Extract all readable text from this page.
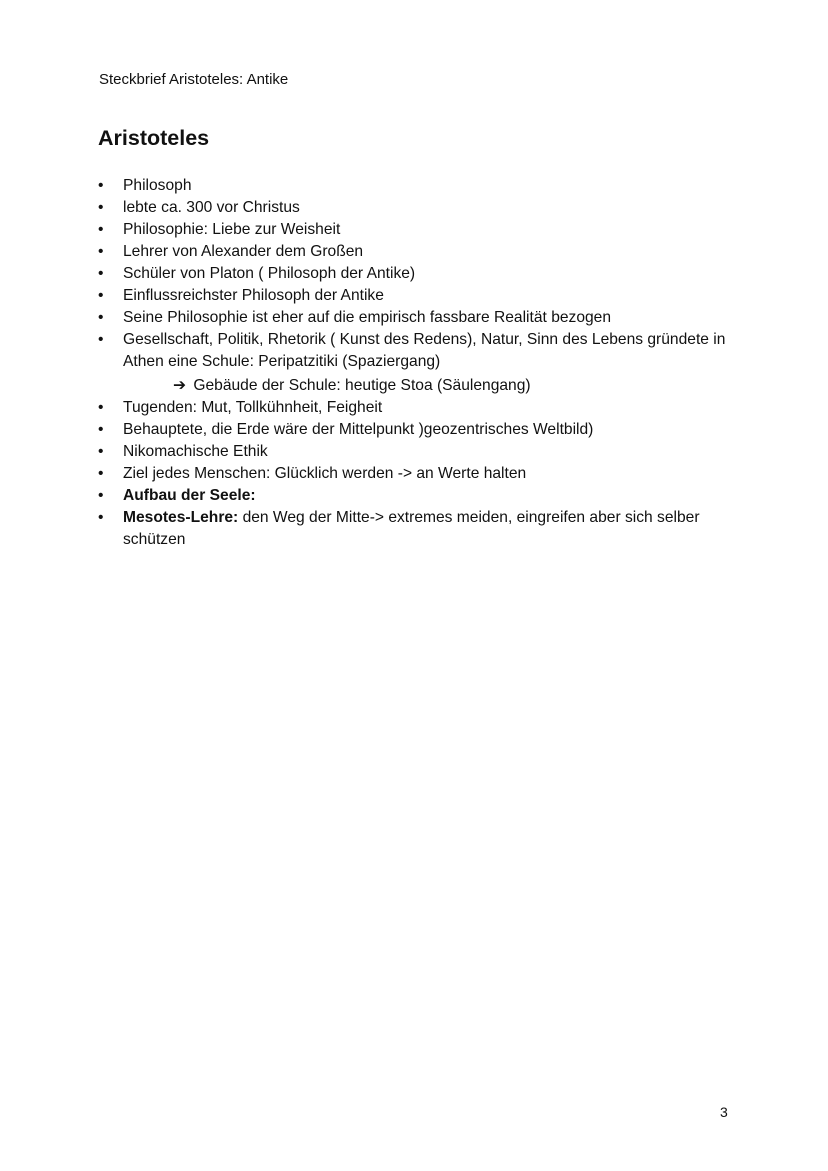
Steckbrief Aristoteles: Antike
Aristoteles
• Philosoph
• lebte ca. 300 vor Christus
• Philosophie: Liebe zur Weisheit
• Lehrer von Alexander dem Großen
• Schüler von Platon ( Philosoph der Antike)
• Einflussreichster Philosoph der Antike
• Seine Philosophie ist eher auf die empirisch fassbare Realität bezogen
• Gesellschaft, Politik, Rhetorik ( Kunst des Redens), Natur, Sinn des Lebens gründete in Athen eine Schule: Peripatzitiki (Spaziergang)
➔ Gebäude der Schule: heutige Stoa (Säulengang)
• Tugenden: Mut, Tollkühnheit, Feigheit
• Behauptete, die Erde wäre der Mittelpunkt )geozentrisches Weltbild)
• Nikomachische Ethik
• Ziel jedes Menschen: Glücklich werden -> an Werte halten
• Aufbau der Seele:
• Mesotes-Lehre: den Weg der Mitte-> extremes meiden, eingreifen aber sich selber schützen
3
